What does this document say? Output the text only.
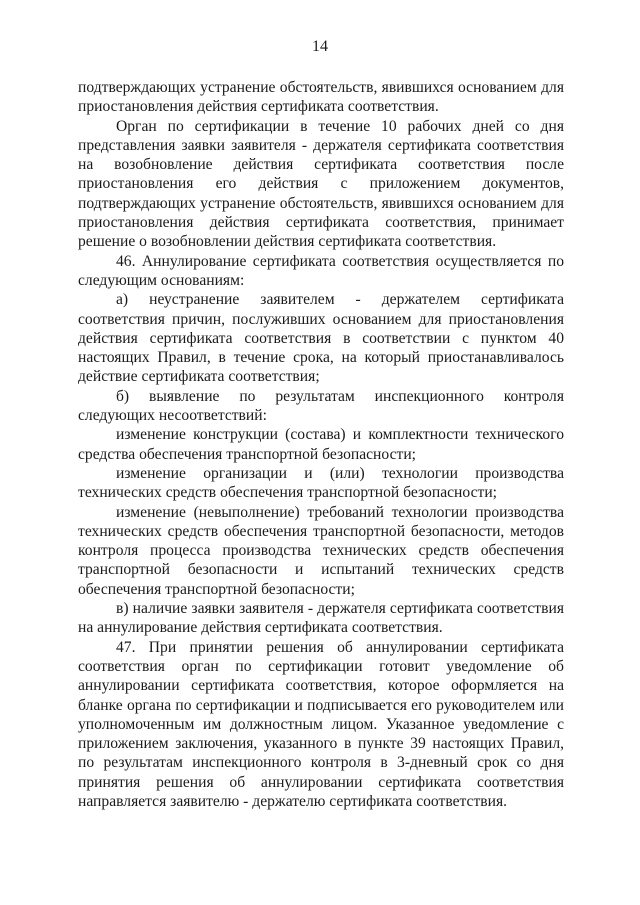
14

подтверждающих устранение обстоятельств, явившихся основанием для приостановления действия сертификата соответствия.

Орган по сертификации в течение 10 рабочих дней со дня представления заявки заявителя - держателя сертификата соответствия на возобновление действия сертификата соответствия после приостановления его действия с приложением документов, подтверждающих устранение обстоятельств, явившихся основанием для приостановления действия сертификата соответствия, принимает решение о возобновлении действия сертификата соответствия.

46. Аннулирование сертификата соответствия осуществляется по следующим основаниям:

а) неустранение заявителем - держателем сертификата соответствия причин, послуживших основанием для приостановления действия сертификата соответствия в соответствии с пунктом 40 настоящих Правил, в течение срока, на который приостанавливалось действие сертификата соответствия;

б) выявление по результатам инспекционного контроля следующих несоответствий:

изменение конструкции (состава) и комплектности технического средства обеспечения транспортной безопасности;

изменение организации и (или) технологии производства технических средств обеспечения транспортной безопасности;

изменение (невыполнение) требований технологии производства технических средств обеспечения транспортной безопасности, методов контроля процесса производства технических средств обеспечения транспортной безопасности и испытаний технических средств обеспечения транспортной безопасности;

в) наличие заявки заявителя - держателя сертификата соответствия на аннулирование действия сертификата соответствия.

47. При принятии решения об аннулировании сертификата соответствия орган по сертификации готовит уведомление об аннулировании сертификата соответствия, которое оформляется на бланке органа по сертификации и подписывается его руководителем или уполномоченным им должностным лицом. Указанное уведомление с приложением заключения, указанного в пункте 39 настоящих Правил, по результатам инспекционного контроля в 3-дневный срок со дня принятия решения об аннулировании сертификата соответствия направляется заявителю - держателю сертификата соответствия.
